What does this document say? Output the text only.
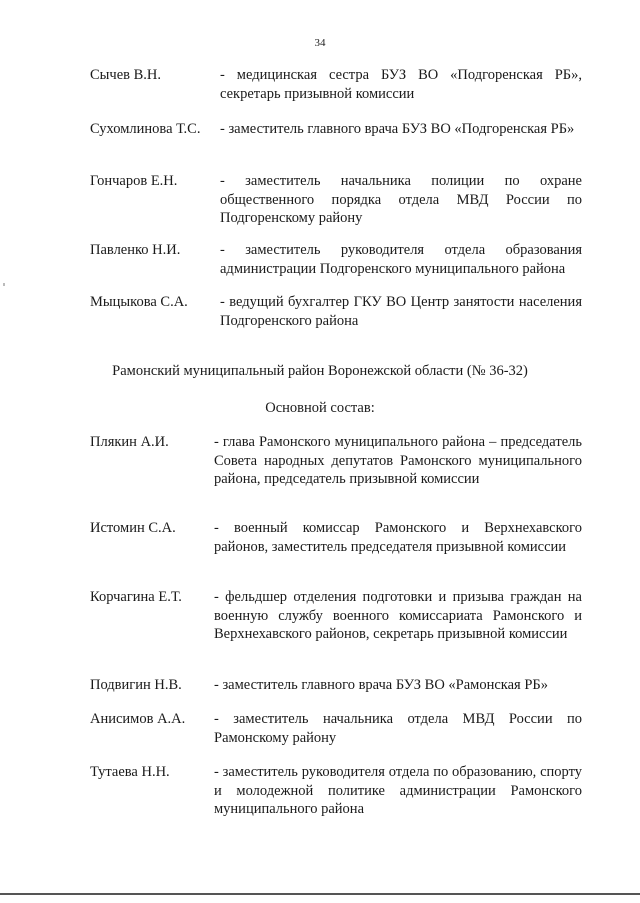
34
Сычев В.Н.	- медицинская сестра БУЗ ВО «Подгоренская РБ», секретарь призывной комиссии
Сухомлинова Т.С. - заместитель главного врача БУЗ ВО «Подгоренская РБ»
Гончаров Е.Н.	- заместитель начальника полиции по охране общественного порядка отдела МВД России по Подгоренскому району
Павленко Н.И.	- заместитель руководителя отдела образования администрации Подгоренского муниципального района
Мыцыкова С.А. - ведущий бухгалтер ГКУ ВО Центр занятости населения Подгоренского района
Рамонский муниципальный район Воронежской области (№ 36-32)
Основной состав:
Плякин А.И.	- глава Рамонского муниципального района – председатель Совета народных депутатов Рамонского муниципального района, председатель призывной комиссии
Истомин С.А.	- военный комиссар Рамонского и Верхнехавского районов, заместитель председателя призывной комиссии
Корчагина Е.Т. - фельдшер отделения подготовки и призыва граждан на военную службу военного комиссариата Рамонского и Верхнехавского районов, секретарь призывной комиссии
Подвигин Н.В. - заместитель главного врача БУЗ ВО «Рамонская РБ»
Анисимов А.А. - заместитель начальника отдела МВД России по Рамонскому району
Тутаева Н.Н.	- заместитель руководителя отдела по образованию, спорту и молодежной политике администрации Рамонского муниципального района
